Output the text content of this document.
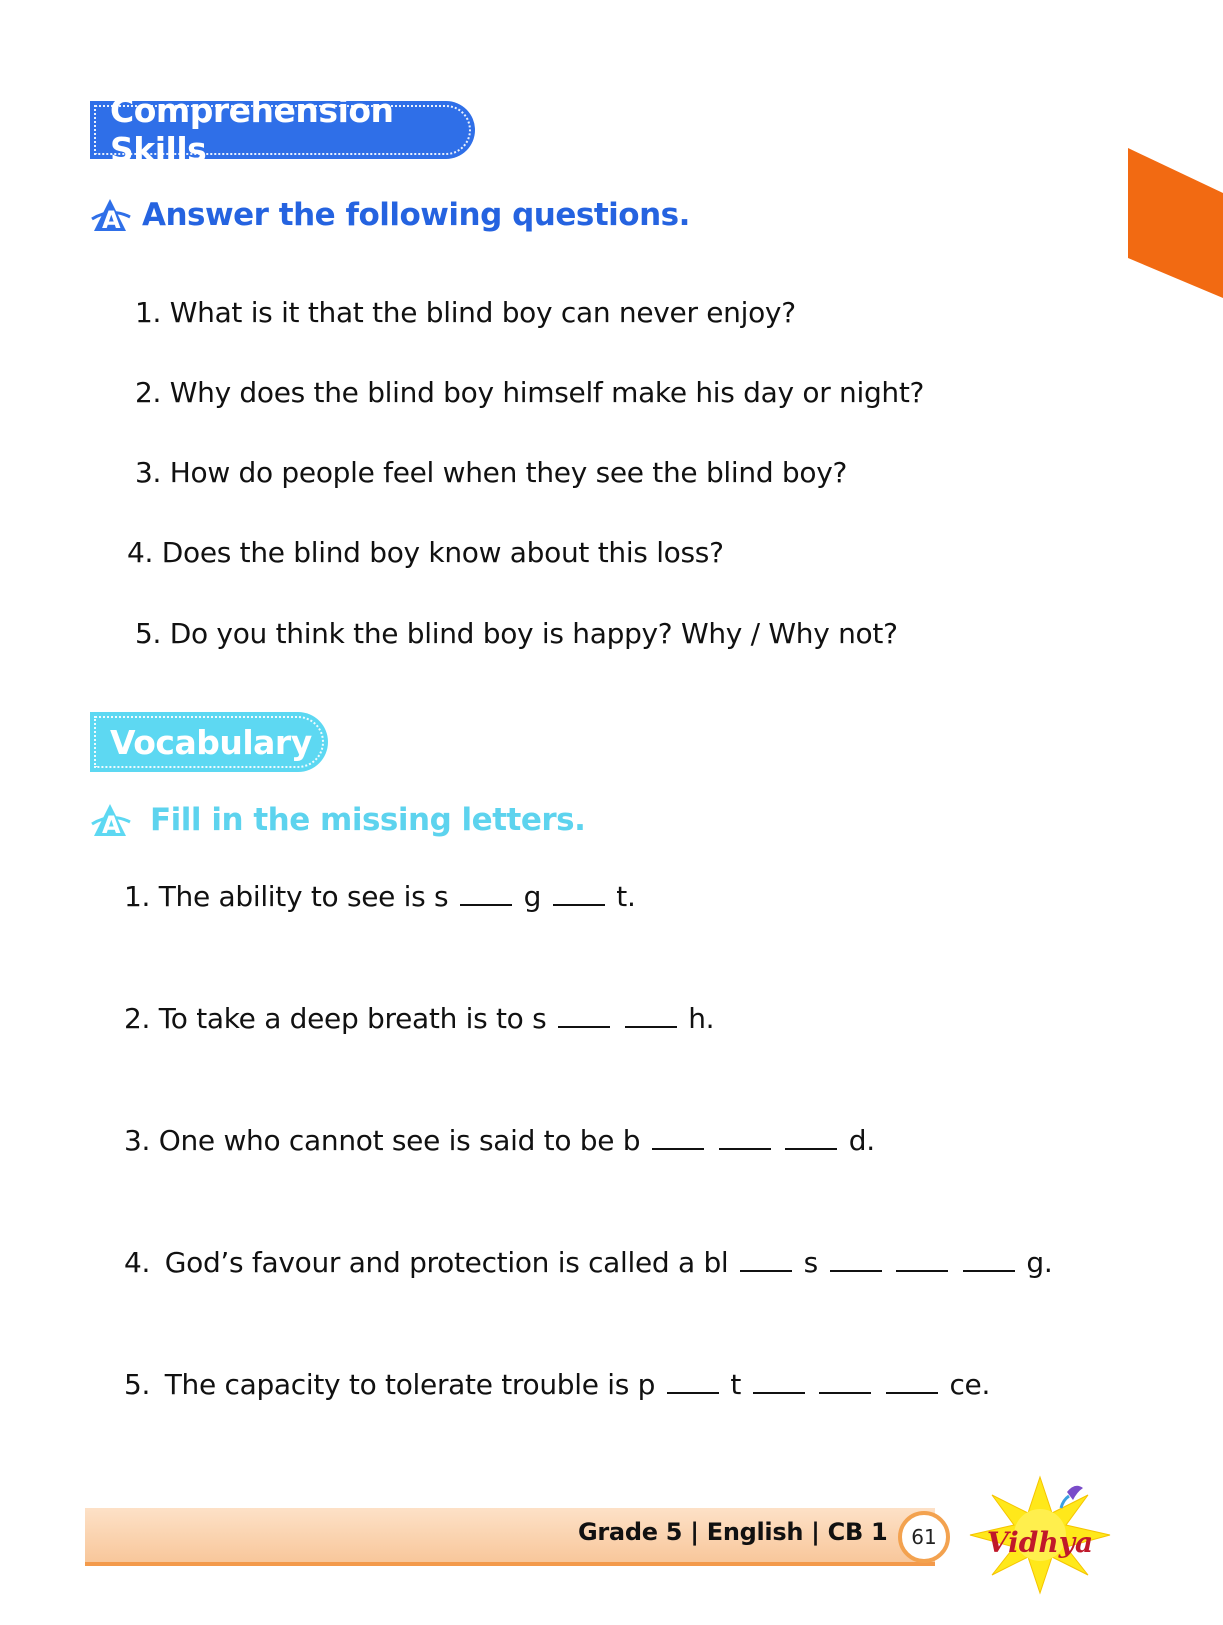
Comprehension Skills
A Answer the following questions.
1. What is it that the blind boy can never enjoy?
2. Why does the blind boy himself make his day or night?
3. How do people feel when they see the blind boy?
4. Does the blind boy know about this loss?
5. Do you think the blind boy is happy? Why / Why not?
Vocabulary
A Fill in the missing letters.
1. The ability to see is s	g	t.
2. To take a deep breath is to s	h.
3. One who cannot see is said to be b	d.
4. God’s favour and protection is called a bl	s	g.
5. The capacity to tolerate trouble is p	t	ce.
Grade 5 | English | CB 1 61 Vidhya
